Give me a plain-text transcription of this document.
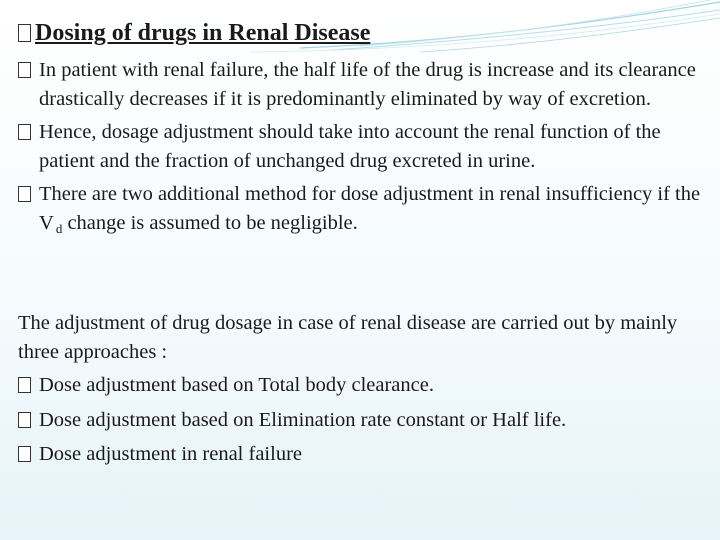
Dosing of drugs in Renal Disease
In patient with renal failure, the half life of the drug is increase and its clearance drastically decreases if it is predominantly eliminated by way of excretion.
Hence, dosage adjustment should take into account the renal function of the patient and the fraction of unchanged drug excreted in urine.
There are two additional method for dose adjustment in renal insufficiency if the V $_d$ change is assumed to be negligible.

The adjustment of drug dosage in case of renal disease are carried out by mainly three approaches :

Dose adjustment based on Total body clearance.
Dose adjustment based on Elimination rate constant or Half life.
Dose adjustment in renal failure
